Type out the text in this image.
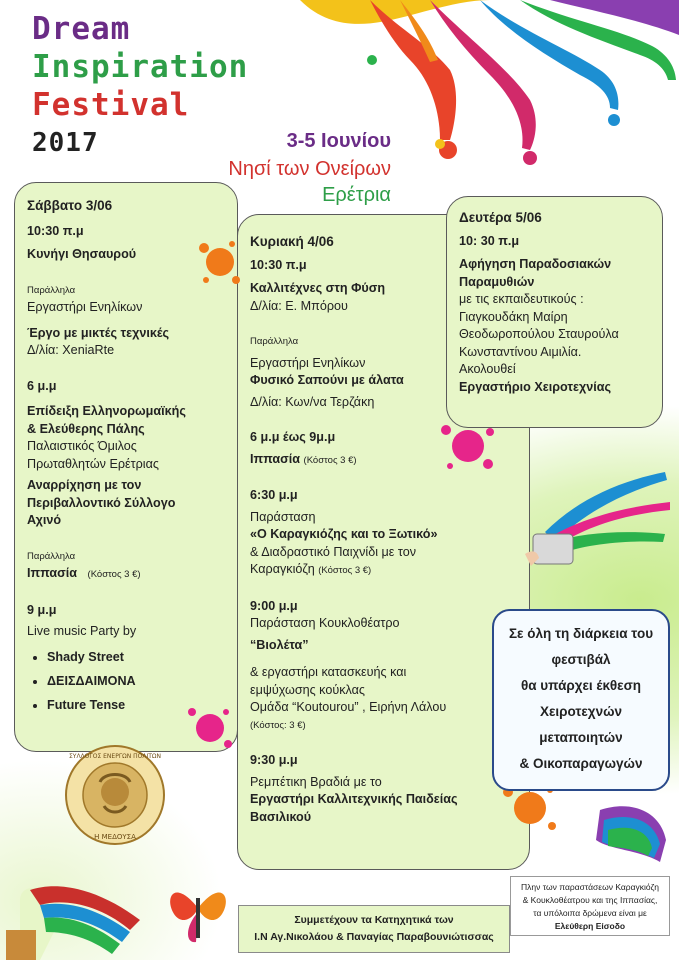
Dream
Inspiration
Festival
2017	3-5 Ιουνίου
Νησί των Ονείρων
Ερέτρια

Σάββατο 3/06

10:30 π.μ

Κυνήγι Θησαυρού

Παράλληλα

Εργαστήρι Ενηλίκων

Έργο με μικτές τεχνικές

Δ/λία: XeniaRte

6 μ.μ

Επίδειξη Ελληνορωμαϊκής

& Ελεύθερης Πάλης

Παλαιστικός Όμιλος

Πρωταθλητών Ερέτριας

Αναρρίχηση με τον

Περιβαλλοντικό Σύλλογο

Αχινό

Παράλληλα

Ιππασία (Κόστος 3 €)

9 μ.μ

Live music Party by

• Shady Street
• ΔΕΙΣΔΑΙΜΟΝΑ
• Future Tense

Κυριακή 4/06

10:30 π.μ

Καλλιτέχνες στη Φύση

Δ/λία: Ε. Μπόρου

Παράλληλα

Εργαστήρι Ενηλίκων

Φυσικό Σαπούνι με άλατα

Δ/λία: Κων/να Τερζάκη

6 μ.μ έως 9μ.μ

Ιππασία (Κόστος 3 €)

6:30 μ.μ

Παράσταση

«Ο Καραγκιόζης και το Ξωτικό»

& Διαδραστικό Παιχνίδι με τον

Καραγκιόζη (Κόστος 3 €)

9:00 μ.μ

Παράσταση Κουκλοθέατρο

“Βιολέτα”

& εργαστήρι κατασκευής και

εμψύχωσης κούκλας

Ομάδα “Koutourou” , Ειρήνη Λάλου

(Κόστος: 3 €)

9:30 μ.μ

Ρεμπέτικη Βραδιά με το

Εργαστήρι Καλλιτεχνικής Παιδείας

Βασιλικού

Δευτέρα 5/06

10: 30 π.μ

Αφήγηση Παραδοσιακών

Παραμυθιών

με τις εκπαιδευτικούς :

Γιαγκουδάκη Μαίρη

Θεοδωροπούλου Σταυρούλα

Κωνσταντίνου Αιμιλία.

Ακολουθεί

Εργαστήριο Χειροτεχνίας

Σε όλη τη διάρκεια του
φεστιβάλ
θα υπάρχει έκθεση
Χειροτεχνών
μεταποιητών
& Οικοπαραγωγών
ΣΥΛΛΟΓΟΣ ΕΝΕΡΓΩΝ ΠΟΛΙΤΩΝ
Η ΜΕΔΟΥΣΑ
Συμμετέχουν τα Κατηχητικά των
Ι.Ν Αγ.Νικολάου & Παναγίας Παραβουνιώτισσας
Πλην των παραστάσεων Καραγκιόζη
& Κουκλοθέατρου και της Ιππασίας,
τα υπόλοιπα δρώμενα είναι με
Ελεύθερη Είσοδο
